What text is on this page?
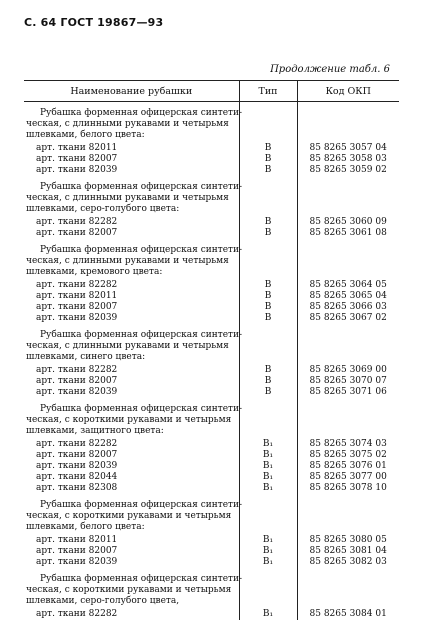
С. 64 ГОСТ 19867—93
Продолжение табл. 6
Наименование рубашки	Тип	Код ОКП

Рубашка форменная офицерская синтети-
ческая, с длинными рукавами и четырьмя
шлевками, белого цвета:		

арт. ткани 82011	В	85 8265 3057 04

арт. ткани 82007	В	85 8265 3058 03

арт. ткани 82039	В	85 8265 3059 02

Рубашка форменная офицерская синтети-
ческая, с длинными рукавами и четырьмя
шлевками, серо-голубого цвета:		

арт. ткани 82282	В	85 8265 3060 09

арт. ткани 82007	В	85 8265 3061 08

Рубашка форменная офицерская синтети-
ческая, с длинными рукавами и четырьмя
шлевками, кремового цвета:		

арт. ткани 82282	В	85 8265 3064 05

арт. ткани 82011	В	85 8265 3065 04

арт. ткани 82007	В	85 8265 3066 03

арт. ткани 82039	В	85 8265 3067 02

Рубашка форменная офицерская синтети-
ческая, с длинными рукавами и четырьмя
шлевками, синего цвета:		

арт. ткани 82282	В	85 8265 3069 00

арт. ткани 82007	В	85 8265 3070 07

арт. ткани 82039	В	85 8265 3071 06

Рубашка форменная офицерская синтети-
ческая, с короткими рукавами и четырьмя
шлевками, защитного цвета:		

арт. ткани 82282	В₁	85 8265 3074 03

арт. ткани 82007	В₁	85 8265 3075 02

арт. ткани 82039	В₁	85 8265 3076 01

арт. ткани 82044	В₁	85 8265 3077 00

арт. ткани 82308	В₁	85 8265 3078 10

Рубашка форменная офицерская синтети-
ческая, с короткими рукавами и четырьмя
шлевками, белого цвета:		

арт. ткани 82011	В₁	85 8265 3080 05

арт. ткани 82007	В₁	85 8265 3081 04

арт. ткани 82039	В₁	85 8265 3082 03

Рубашка форменная офицерская синтети-
ческая, с короткими рукавами и четырьмя
шлевками, серо-голубого цвета,		

арт. ткани 82282	В₁	85 8265 3084 01
